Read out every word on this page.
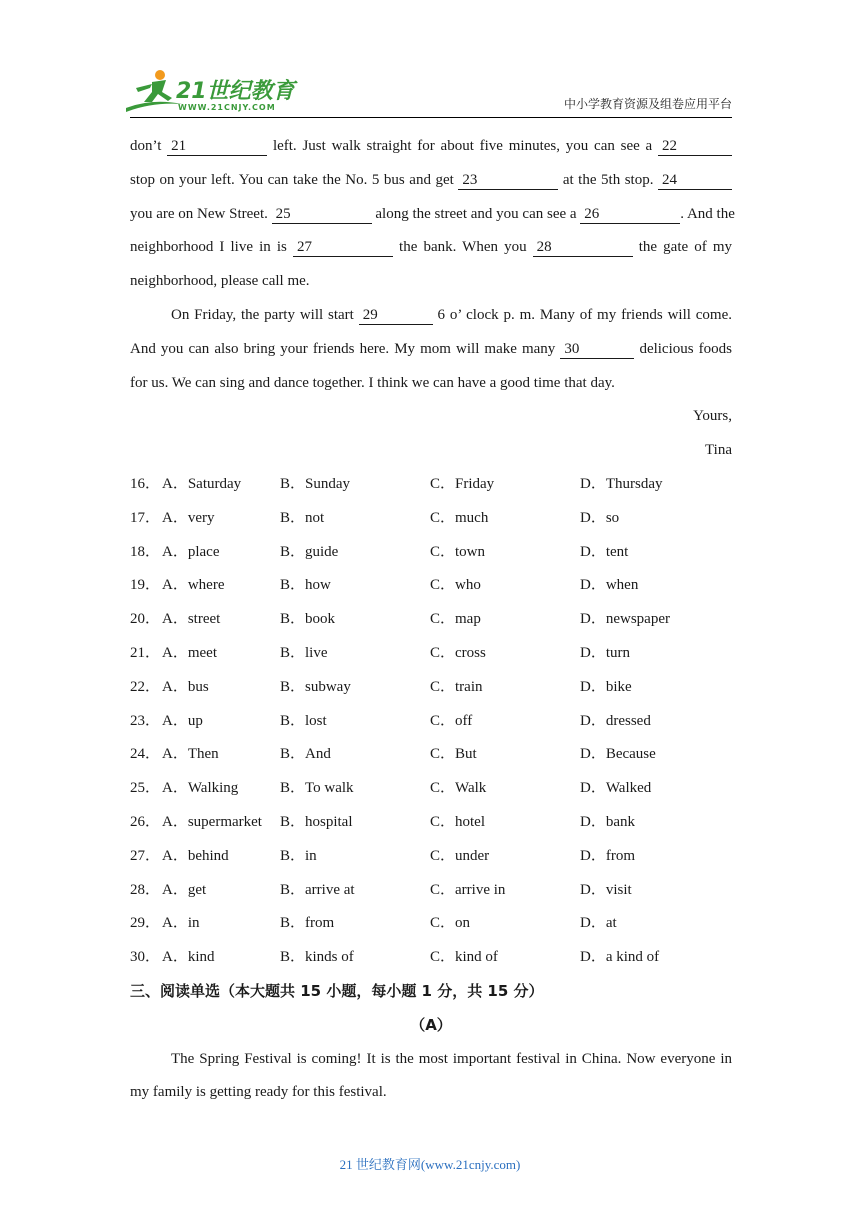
21世纪教育
WWW.21CNJY.COM	中小学教育资源及组卷应用平台
don’t 21	left. Just walk straight for about five minutes, you can see a 22
stop on your left. You can take the No. 5 bus and get 23	at the 5th stop. 24
you are on New Street. 25	along the street and you can see a 26	. And the
neighborhood I live in is 27	the bank. When you 28	the gate of my
neighborhood, please call me.
On Friday, the party will start 29	6 o’ clock p. m. Many of my friends will come.
And you can also bring your friends here. My mom will make many 30	delicious foods
for us. We can sing and dance together. I think we can have a good time that day.
Yours,
Tina
16． A．Saturday	B．Sunday	C．Friday	D．Thursday
17． A．very	B．not	C．much	D．so
18． A．place	B．guide	C．town	D．tent
19． A．where	B．how	C．who	D．when
20． A．street	B．book	C．map	D．newspaper
21． A．meet	B．live	C．cross	D．turn
22． A．bus	B．subway	C．train	D．bike
23． A．up	B．lost	C．off	D．dressed
24． A．Then	B．And	C．But	D．Because
25． A．Walking	B．To walk	C．Walk	D．Walked
26． A．supermarket B．hospital	C．hotel	D．bank
27． A．behind	B．in	C．under	D．from
28． A．get	B．arrive at	C．arrive in	D．visit
29． A．in	B．from	C．on	D．at
30． A．kind	B．kinds of	C．kind of	D．a kind of
三、阅读单选（本大题共 15 小题，每小题 1 分，共 15 分）
（A）
The Spring Festival is coming! It is the most important festival in China. Now everyone in
my family is getting ready for this festival.
21 世纪教育网(www.21cnjy.com)
